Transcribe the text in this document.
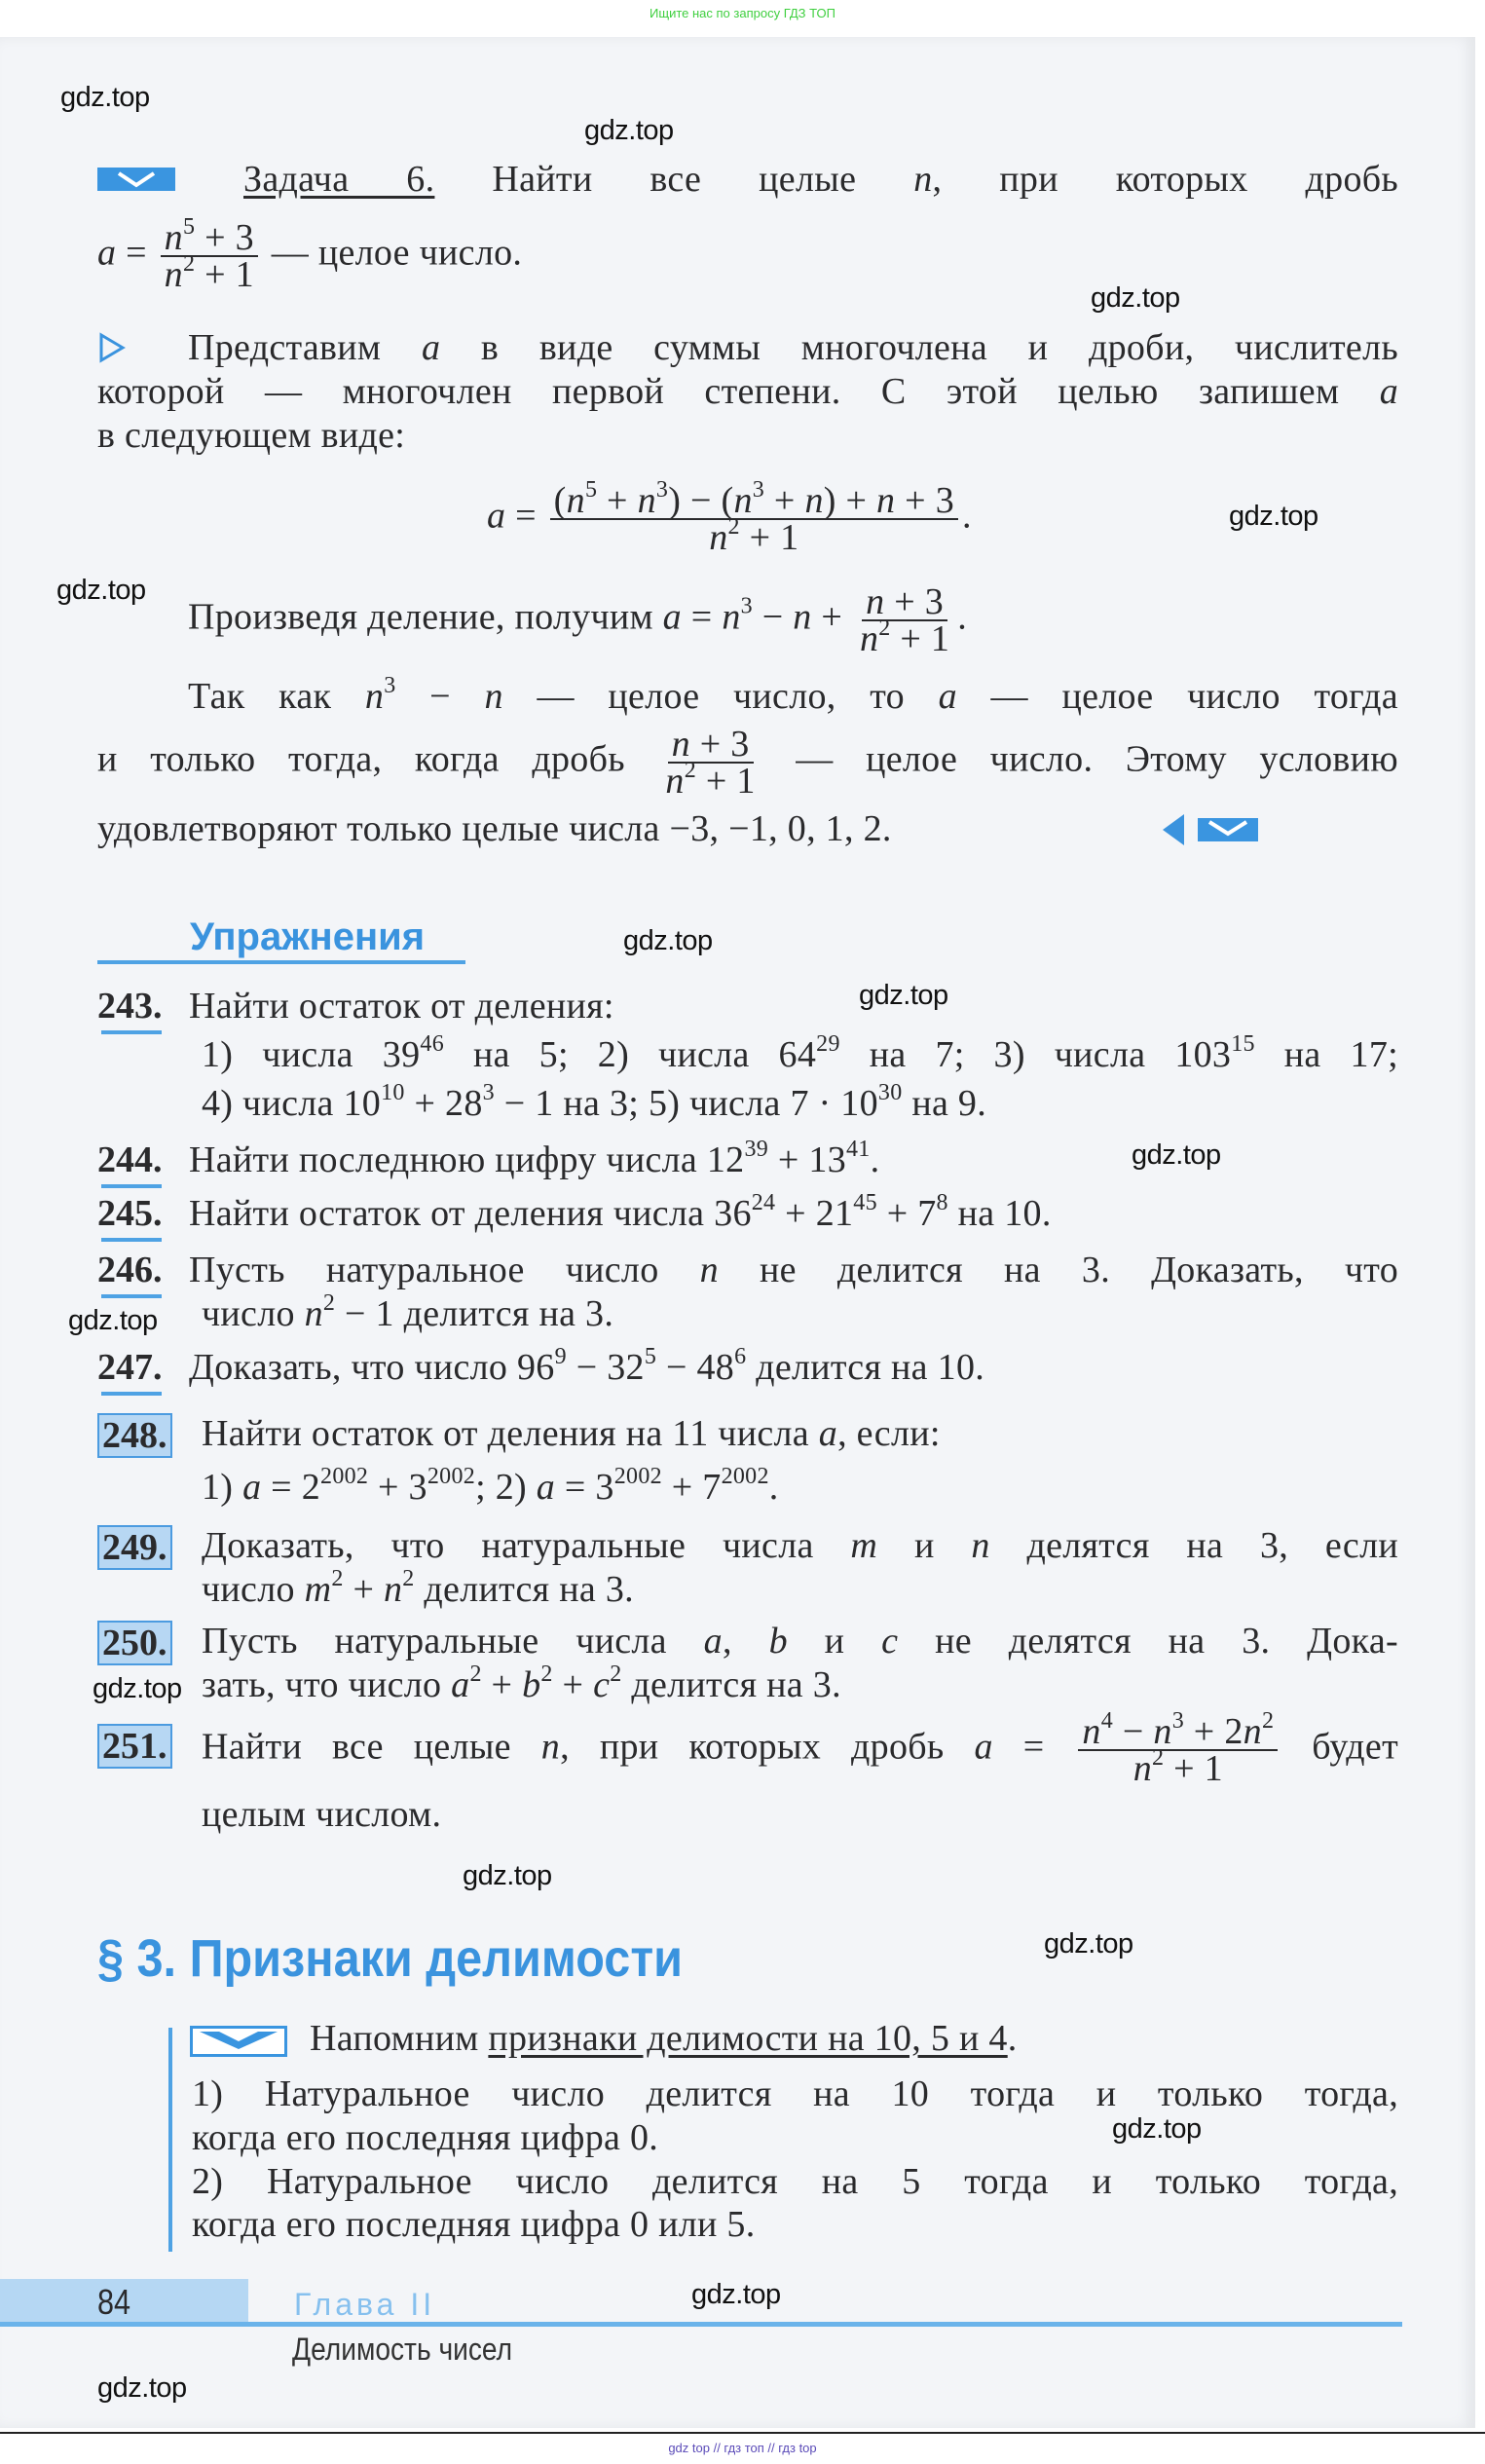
Ищите нас по запросу ГДЗ ТОП
gdz.top
gdz.top
gdz.top
gdz.top
gdz.top
gdz.top
gdz.top
gdz.top
gdz.top
gdz.top
gdz.top
gdz.top
gdz.top
gdz.top
gdz.top
Задача 6. Найти все целые n, при которых дробь
$a = \frac{n^5 + 3}{n^2 + 1}$ — целое число.
Представим a в виде суммы многочлена и дроби, числитель
которой — многочлен первой степени. С этой целью запишем a
в следующем виде:
$a = \frac{(n^5 + n^3) - (n^3 + n) + n + 3}{n^2 + 1}$ .
Произведя деление, получим $a = n^3 - n + \frac{n + 3}{n^2 + 1}$ .
Так как $n^3 - n$ — целое число, то a — целое число тогда
и только тогда, когда дробь $\frac{n + 3}{n^2 + 1}$ — целое число. Этому условию
удовлетворяют только целые числа −3, −1, 0, 1, 2.
Упражнения
243. Найти остаток от деления:
1) числа $39^{46}$ на 5; 2) числа $64^{29}$ на 7; 3) числа $103^{15}$ на 17;
4) числа $10^{10} + 28^3 - 1$ на 3; 5) числа $7 \cdot 10^{30}$ на 9.
244. Найти последнюю цифру числа $12^{39} + 13^{41}$.
245. Найти остаток от деления числа $36^{24} + 21^{45} + 7^8$ на 10.
246. Пусть натуральное число n не делится на 3. Доказать, что
число $n^2 - 1$ делится на 3.
247. Доказать, что число $96^9 - 32^5 - 48^6$ делится на 10.
248. Найти остаток от деления на 11 числа a, если:
1) $a = 2^{2002} + 3^{2002}$; 2) $a = 3^{2002} + 7^{2002}$.
249. Доказать, что натуральные числа m и n делятся на 3, если
число $m^2 + n^2$ делится на 3.
250. Пусть натуральные числа a, b и c не делятся на 3. Дока-
зать, что число $a^2 + b^2 + c^2$ делится на 3.
251. Найти все целые n, при которых дробь $a = \frac{n^4 - n^3 + 2n^2}{n^2 + 1}$ будет
целым числом.
§ 3. Признаки делимости
Напомним признаки делимости на 10, 5 и 4.
1) Натуральное число делится на 10 тогда и только тогда,
когда его последняя цифра 0.
2) Натуральное число делится на 5 тогда и только тогда,
когда его последняя цифра 0 или 5.
84	Глава II
Делимость чисел
gdz top // гдз топ // гдз top
